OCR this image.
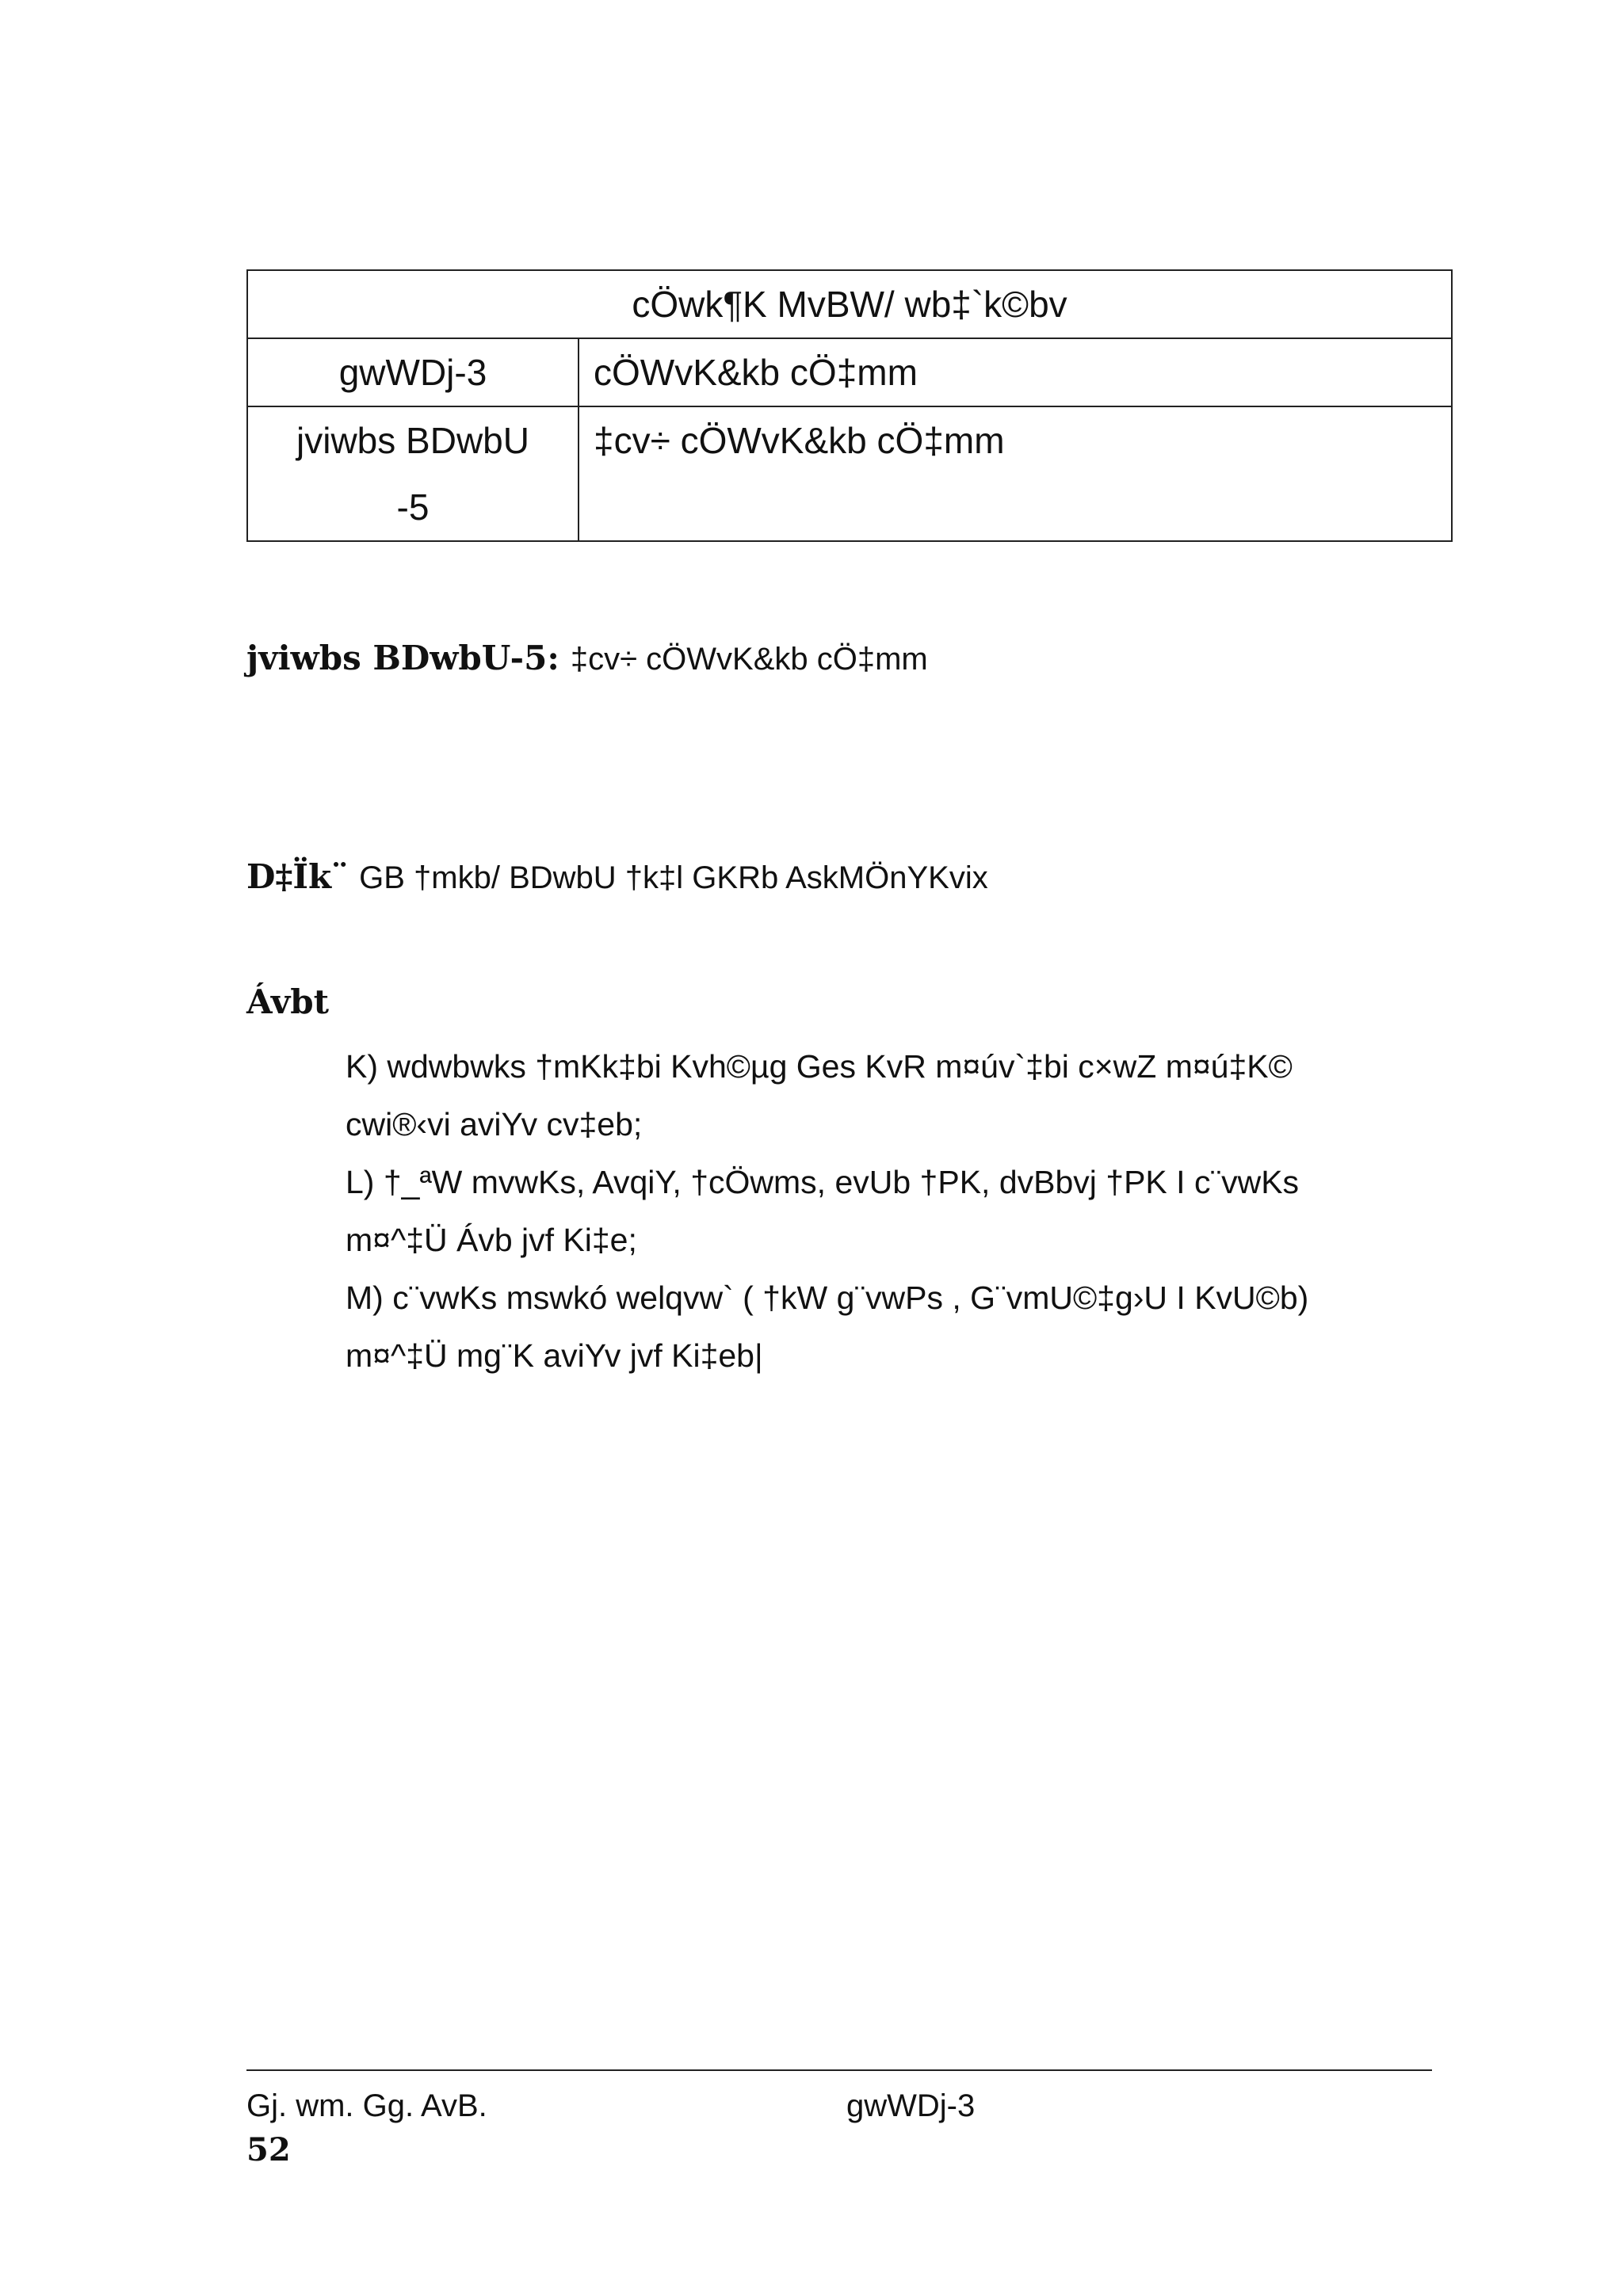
cÖwk¶K MvBW/ wb‡`k©bv	
gwWDj-3	cÖWvK&kb cÖ‡mm

jviwbs BDwbU
-5	‡cv÷ cÖWvK&kb cÖ‡mm
jviwbs BDwbU-5: ‡cv÷ cÖWvK&kb cÖ‡mm
D‡Ïk¨ GB †mkb/ BDwbU †k‡l GKRb AskMÖnYKvix
Ávbt
K) wdwbwks †mKk‡bi Kvh©µg Ges KvR m¤úv`‡bi c×wZ m¤ú‡K©
cwi®‹vi aviYv cv‡eb;
L) †_ªW mvwKs, AvqiY, †cÖwms, evUb †PK, dvBbvj †PK I c¨vwKs
m¤^‡Ü Ávb jvf Ki‡e;
M) c¨vwKs mswkó welqvw` ( †kW g¨vwPs , G¨vmU©‡g›U I KvU©b)
m¤^‡Ü mg¨K aviYv jvf Ki‡eb|
Gj. wm. Gg. AvB.	gwWDj-3
52
